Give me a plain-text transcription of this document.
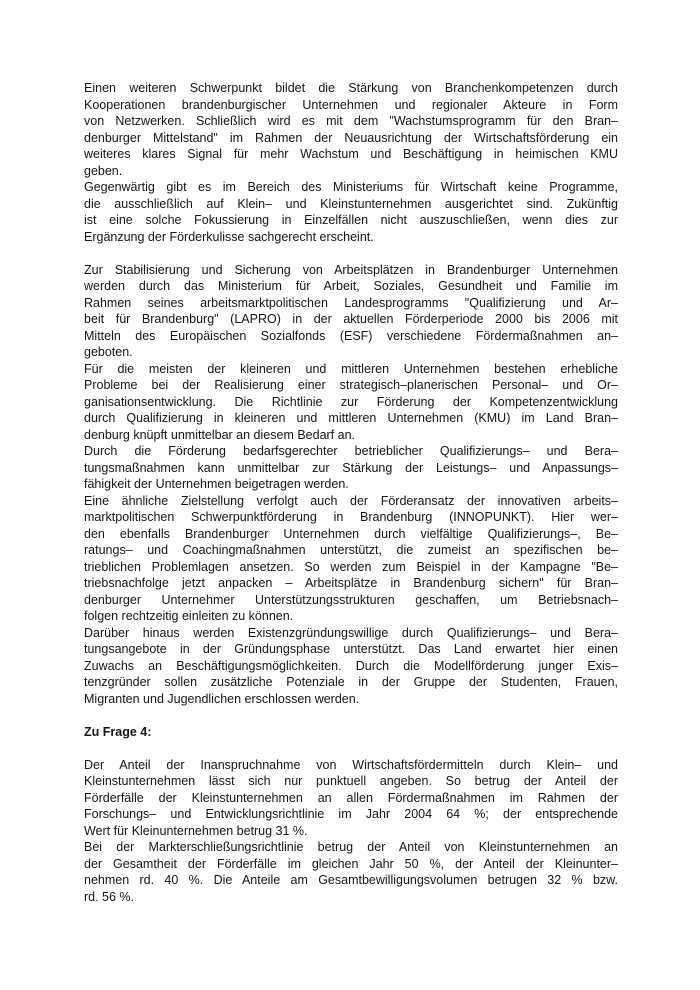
Einen weiteren Schwerpunkt bildet die Stärkung von Branchenkompetenzen durch
Kooperationen brandenburgischer Unternehmen und regionaler Akteure in Form
von Netzwerken. Schließlich wird es mit dem "Wachstumsprogramm für den Bran–
denburger Mittelstand" im Rahmen der Neuausrichtung der Wirtschaftsförderung ein
weiteres klares Signal für mehr Wachstum und Beschäftigung in heimischen KMU
geben.
Gegenwärtig gibt es im Bereich des Ministeriums für Wirtschaft keine Programme,
die ausschließlich auf Klein– und Kleinstunternehmen ausgerichtet sind. Zukünftig
ist eine solche Fokussierung in Einzelfällen nicht auszuschließen, wenn dies zur
Ergänzung der Förderkulisse sachgerecht erscheint.
Zur Stabilisierung und Sicherung von Arbeitsplätzen in Brandenburger Unternehmen
werden durch das Ministerium für Arbeit, Soziales, Gesundheit und Familie im
Rahmen seines arbeitsmarktpolitischen Landesprogramms "Qualifizierung und Ar–
beit für Brandenburg" (LAPRO) in der aktuellen Förderperiode 2000 bis 2006 mit
Mitteln des Europäischen Sozialfonds (ESF) verschiedene Fördermaßnahmen an–
geboten.
Für die meisten der kleineren und mittleren Unternehmen bestehen erhebliche
Probleme bei der Realisierung einer strategisch–planerischen Personal– und Or–
ganisationsentwicklung. Die Richtlinie zur Förderung der Kompetenzentwicklung
durch Qualifizierung in kleineren und mittleren Unternehmen (KMU) im Land Bran–
denburg knüpft unmittelbar an diesem Bedarf an.
Durch die Förderung bedarfsgerechter betrieblicher Qualifizierungs– und Bera–
tungsmaßnahmen kann unmittelbar zur Stärkung der Leistungs– und Anpassungs–
fähigkeit der Unternehmen beigetragen werden.
Eine ähnliche Zielstellung verfolgt auch der Förderansatz der innovativen arbeits–
marktpolitischen Schwerpunktförderung in Brandenburg (INNOPUNKT). Hier wer–
den ebenfalls Brandenburger Unternehmen durch vielfältige Qualifizierungs–, Be–
ratungs– und Coachingmaßnahmen unterstützt, die zumeist an spezifischen be–
trieblichen Problemlagen ansetzen. So werden zum Beispiel in der Kampagne "Be–
triebsnachfolge jetzt anpacken – Arbeitsplätze in Brandenburg sichern" für Bran–
denburger Unternehmer Unterstützungsstrukturen geschaffen, um Betriebsnach–
folgen rechtzeitig einleiten zu können.
Darüber hinaus werden Existenzgründungswillige durch Qualifizierungs– und Bera–
tungsangebote in der Gründungsphase unterstützt. Das Land erwartet hier einen
Zuwachs an Beschäftigungsmöglichkeiten. Durch die Modellförderung junger Exis–
tenzgründer sollen zusätzliche Potenziale in der Gruppe der Studenten, Frauen,
Migranten und Jugendlichen erschlossen werden.
Zu Frage 4:
Der Anteil der Inanspruchnahme von Wirtschaftsfördermitteln durch Klein– und
Kleinstunternehmen lässt sich nur punktuell angeben. So betrug der Anteil der
Förderfälle der Kleinstunternehmen an allen Fördermaßnahmen im Rahmen der
Forschungs– und Entwicklungsrichtlinie im Jahr 2004 64 %; der entsprechende
Wert für Kleinunternehmen betrug 31 %.
Bei der Markterschließungsrichtlinie betrug der Anteil von Kleinstunternehmen an
der Gesamtheit der Förderfälle im gleichen Jahr 50 %, der Anteil der Kleinunter–
nehmen rd. 40 %. Die Anteile am Gesamtbewilligungsvolumen betrugen 32 % bzw.
rd. 56 %.
